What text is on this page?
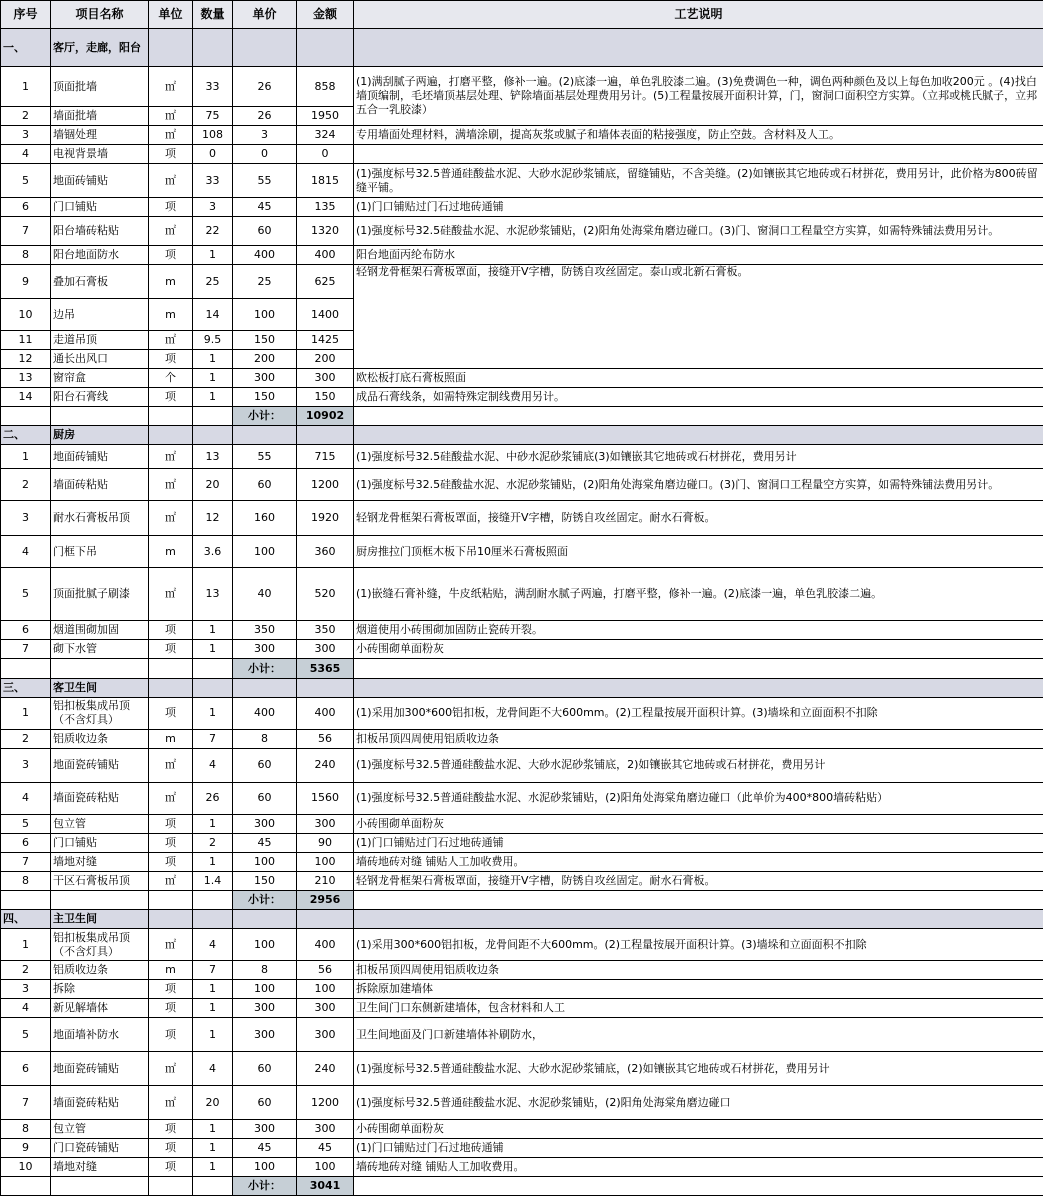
序号	项目名称	单位	数量	单价	金额	工艺说明
一、	客厅，走廊，阳台					
1	顶面批墙	㎡	33	26	858	(1)满刮腻子两遍，打磨平整，修补一遍。(2)底漆一遍，单色乳胶漆二遍。(3)免费调色一种，调色两种颜色及以上每色加收200元 。(4)找白墙顶编制，毛坯墙顶基层处理、铲除墙面基层处理费用另计。(5)工程量按展开面积计算，门，窗洞口面积空方实算。（立邦或桃氏腻子，立邦五合一乳胶漆）
2	墙面批墙	㎡	75	26	1950	
3	墙锢处理	㎡	108	3	324	专用墙面处理材料，满墙涂刷，提高灰浆或腻子和墙体表面的粘接强度，防止空鼓。含材料及人工。
4	电视背景墙	项	0	0	0	
5	地面砖铺贴	㎡	33	55	1815	(1)强度标号32.5普通硅酸盐水泥、大砂水泥砂浆铺底，留缝铺贴，不含美缝。(2)如镶嵌其它地砖或石材拼花，费用另计，此价格为800砖留缝平铺。
6	门口铺贴	项	3	45	135	(1)门口铺贴过门石过地砖通铺
7	阳台墙砖粘贴	㎡	22	60	1320	(1)强度标号32.5硅酸盐水泥、水泥砂浆铺贴，(2)阳角处海棠角磨边碰口。(3)门、窗洞口工程量空方实算，如需特殊铺法费用另计。
8	阳台地面防水	项	1	400	400	阳台地面丙纶布防水
9	叠加石膏板	m	25	25	625	轻钢龙骨框架石膏板罩面，接缝开V字槽，防锈自攻丝固定。泰山或北新石膏板。
10	边吊	m	14	100	1400	
11	走道吊顶	㎡	9.5	150	1425	
12	通长出风口	项	1	200	200	
13	窗帘盒	个	1	300	300	欧松板打底石膏板照面
14	阳台石膏线	项	1	150	150	成品石膏线条，如需特殊定制线费用另计。
				小计：	10902	
二、	厨房					
1	地面砖铺贴	㎡	13	55	715	(1)强度标号32.5硅酸盐水泥、中砂水泥砂浆铺底(3)如镶嵌其它地砖或石材拼花，费用另计
2	墙面砖粘贴	㎡	20	60	1200	(1)强度标号32.5硅酸盐水泥、水泥砂浆铺贴，(2)阳角处海棠角磨边碰口。(3)门、窗洞口工程量空方实算，如需特殊铺法费用另计。
3	耐水石膏板吊顶	㎡	12	160	1920	轻钢龙骨框架石膏板罩面，接缝开V字槽，防锈自攻丝固定。耐水石膏板。
4	门框下吊	m	3.6	100	360	厨房推拉门顶框木板下吊10厘米石膏板照面
5	顶面批腻子刷漆	㎡	13	40	520	(1)嵌缝石膏补缝，牛皮纸粘贴，满刮耐水腻子两遍，打磨平整，修补一遍。(2)底漆一遍，单色乳胶漆二遍。
6	烟道围砌加固	项	1	350	350	烟道使用小砖围砌加固防止瓷砖开裂。
7	砌下水管	项	1	300	300	小砖围砌单面粉灰
				小计：	5365	
三、	客卫生间					
1	铝扣板集成吊顶（不含灯具）	项	1	400	400	(1)采用加300*600铝扣板，龙骨间距不大600mm。(2)工程量按展开面积计算。(3)墙垛和立面面积不扣除
2	铝质收边条	m	7	8	56	扣板吊顶四周使用铝质收边条
3	地面瓷砖铺贴	㎡	4	60	240	(1)强度标号32.5普通硅酸盐水泥、大砂水泥砂浆铺底，2)如镶嵌其它地砖或石材拼花，费用另计
4	墙面瓷砖粘贴	㎡	26	60	1560	(1)强度标号32.5普通硅酸盐水泥、水泥砂浆铺贴，(2)阳角处海棠角磨边碰口（此单价为400*800墙砖粘贴）
5	包立管	项	1	300	300	小砖围砌单面粉灰
6	门口铺贴	项	2	45	90	(1)门口铺贴过门石过地砖通铺
7	墙地对缝	项	1	100	100	墙砖地砖对缝 铺贴人工加收费用。
8	干区石膏板吊顶	㎡	1.4	150	210	轻钢龙骨框架石膏板罩面，接缝开V字槽，防锈自攻丝固定。耐水石膏板。
				小计：	2956	
四、	主卫生间					
1	铝扣板集成吊顶（不含灯具）	㎡	4	100	400	(1)采用300*600铝扣板，龙骨间距不大600mm。(2)工程量按展开面积计算。(3)墙垛和立面面积不扣除
2	铝质收边条	m	7	8	56	扣板吊顶四周使用铝质收边条
3	拆除	项	1	100	100	拆除原加建墙体
4	新见解墙体	项	1	300	300	卫生间门口东侧新建墙体，包含材料和人工
5	地面墙补防水	项	1	300	300	卫生间地面及门口新建墙体补刷防水，
6	地面瓷砖铺贴	㎡	4	60	240	(1)强度标号32.5普通硅酸盐水泥、大砂水泥砂浆铺底，(2)如镶嵌其它地砖或石材拼花，费用另计
7	墙面瓷砖粘贴	㎡	20	60	1200	(1)强度标号32.5普通硅酸盐水泥、水泥砂浆铺贴，(2)阳角处海棠角磨边碰口
8	包立管	项	1	300	300	小砖围砌单面粉灰
9	门口瓷砖铺贴	项	1	45	45	(1)门口铺贴过门石过地砖通铺
10	墙地对缝	项	1	100	100	墙砖地砖对缝 铺贴人工加收费用。
				小计：	3041	
